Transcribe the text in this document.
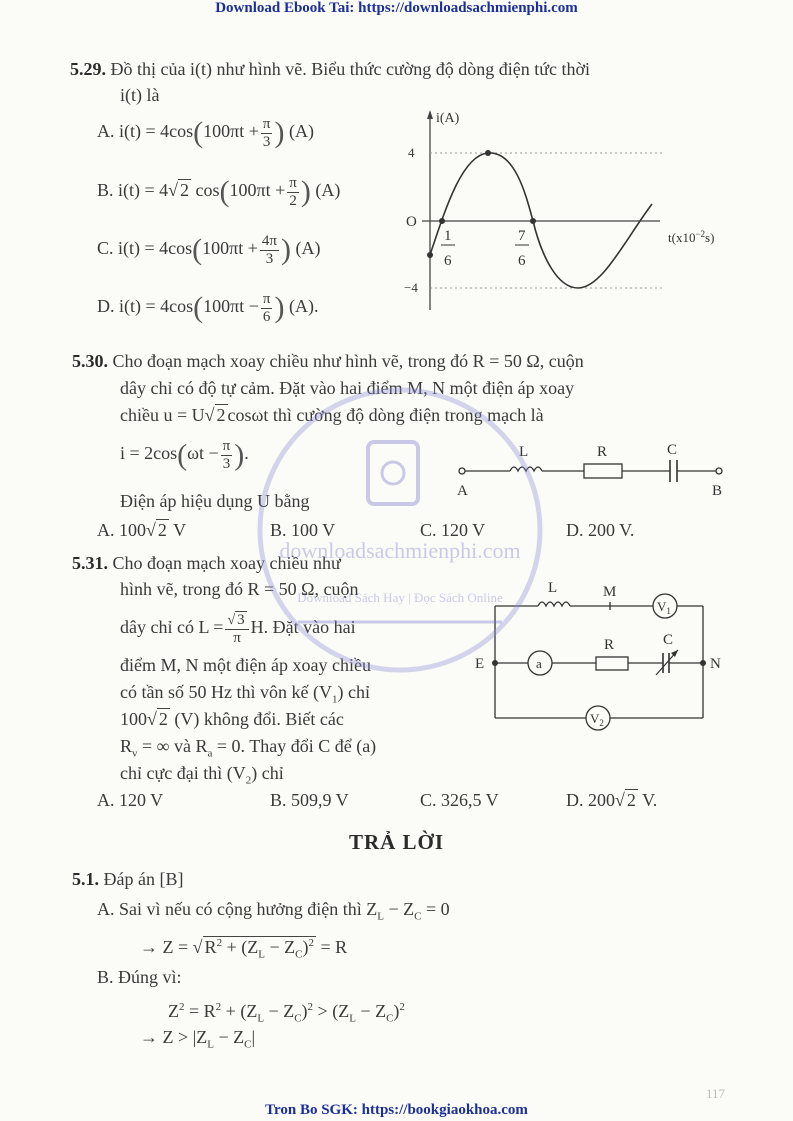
Download Ebook Tai: https://downloadsachmienphi.com
Tron Bo SGK: https://bookgiaokhoa.com
117
5.29. Đồ thị của i(t) như hình vẽ. Biểu thức cường độ dòng điện tức thời
i(t) là
A. $i(t) = 4\cos(100\pi t + \frac{\pi}{3}$ ) (A)
B. i(t) = 4√ 2 $\cos(100\pi t + \frac{\pi}{2}$ ) (A)
C. $i(t) = 4\cos(100\pi t + \frac{4\pi}{3}$ ) (A)
D. $i(t) = 4\cos(100\pi t - \frac{\pi}{6}$ ) (A).
i(A)
4
−4
O
1
6
7
6
$t(x10^{-2}s)$
5.30. Cho đoạn mạch xoay chiều như hình vẽ, trong đó R = 50 Ω, cuộn
dây chỉ có độ tự cảm. Đặt vào hai điểm M, N một điện áp xoay
chiều u = U√ 2 cosωt thì cường độ dòng điện trong mạch là
$i = 2\cos(\omega t - \frac{\pi}{3}$ ).
Điện áp hiệu dụng U bằng
L	R	C
A	B
A. 100√ 2 V	B. 100 V	C. 120 V	D. 200 V.
5.31. Cho đoạn mạch xoay chiều như
hình vẽ, trong đó R = 50 Ω, cuộn
dây chỉ có $L = \frac{√ 3}{\pi} H$. Đặt vào hai
điểm M, N một điện áp xoay chiều
có tần số 50 Hz thì vôn kế $(V_1)$ chỉ
100√ 2 (V) không đổi. Biết các
$R_v$ = ∞ và $R_a = 0$. Thay đổi C để (a)
chỉ cực đại thì $(V_2)$ chỉ
L	M
$V_1$
R	C
E	N
a
$V_2$
A. 120 V	B. 509,9 V	C. 326,5 V	D. 200√ 2 V.
TRẢ LỜI
5.1. Đáp án [B]
A. Sai vì nếu có cộng hưởng điện thì $Z_L - Z_C = 0$
→ Z = √ $R^2 + (Z_L - Z_C)^2 = R$
B. Đúng vì:
$Z^2 = R^2 + (Z_L - Z_C)^2 > (Z_L - Z_C)^2$
→ $Z > |Z_L - Z_C|$
downloadsachmienphi.com
Download Sách Hay | Đọc Sách Online
